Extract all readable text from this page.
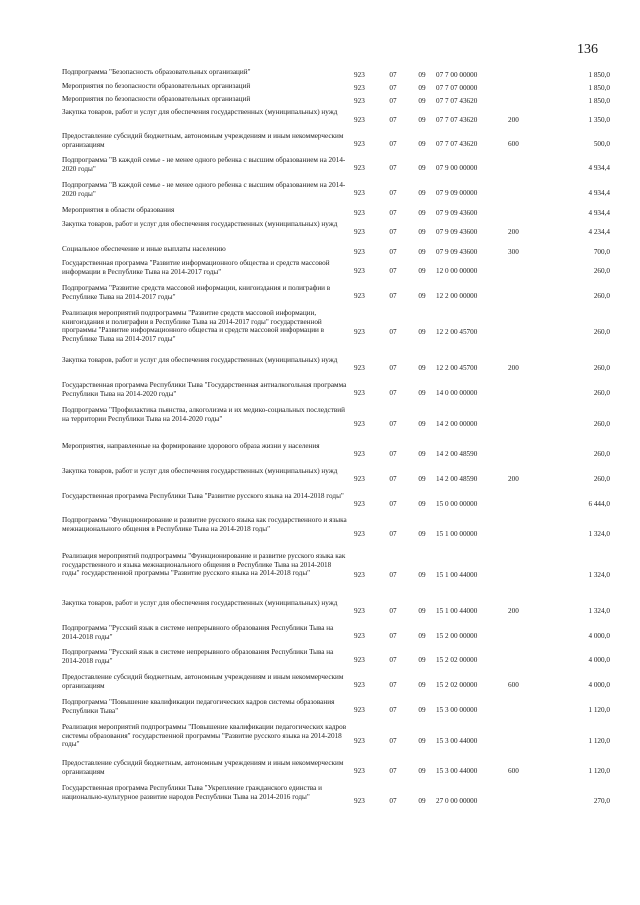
136
Подпрограмма "Безопасность образовательных организаций"	923	07	09	07 7 00 00000		1 850,0
Мероприятия по безопасности образовательных организаций	923	07	09	07 7 07 00000		1 850,0
Мероприятия по безопасности образовательных организаций	923	07	09	07 7 07 43620		1 850,0
Закупка товаров, работ и услуг для обеспечения государственных (муниципальных) нужд	923	07	09	07 7 07 43620	200	1 350,0
Предоставление субсидий бюджетным, автономным учреждениям и иным некоммерческим организациям	923	07	09	07 7 07 43620	600	500,0
Подпрограмма "В каждой семье - не менее одного ребенка с высшим образованием на 2014-2020 годы"	923	07	09	07 9 00 00000		4 934,4
Подпрограмма "В каждой семье - не менее одного ребенка с высшим образованием на 2014-2020 годы"	923	07	09	07 9 09 00000		4 934,4
Мероприятия в области образования	923	07	09	07 9 09 43600		4 934,4
Закупка товаров, работ и услуг для обеспечения государственных (муниципальных) нужд	923	07	09	07 9 09 43600	200	4 234,4
Социальное обеспечение и иные выплаты населению	923	07	09	07 9 09 43600	300	700,0
Государственная программа "Развитие информационного общества и средств массовой информации в Республике Тыва на 2014-2017 годы"	923	07	09	12 0 00 00000		260,0
Подпрограмма "Развитие средств массовой информации, книгоиздания и полиграфии в Республике Тыва на 2014-2017 годы"	923	07	09	12 2 00 00000		260,0
Реализация мероприятий подпрограммы "Развитие средств массовой информации, книгоиздания и полиграфии в Республике Тыва на 2014-2017 годы" государственной программы "Развитие информационного общества и средств массовой информации в Республике Тыва на 2014-2017 годы"	923	07	09	12 2 00 45700		260,0
Закупка товаров, работ и услуг для обеспечения государственных (муниципальных) нужд	923	07	09	12 2 00 45700	200	260,0
Государственная программа Республики Тыва "Государственная антиалкогольная программа Республики Тыва на 2014-2020 годы"	923	07	09	14 0 00 00000		260,0
Подпрограмма "Профилактика пьянства, алкоголизма и их медико-социальных последствий на территории Республики Тыва на 2014-2020 годы"	923	07	09	14 2 00 00000		260,0
Мероприятия, направленные на формирование здорового образа жизни у населения	923	07	09	14 2 00 48590		260,0
Закупка товаров, работ и услуг для обеспечения государственных (муниципальных) нужд	923	07	09	14 2 00 48590	200	260,0
Государственная программа Республики Тыва "Развитие русского языка на 2014-2018 годы"	923	07	09	15 0 00 00000		6 444,0
Подпрограмма "Функционирование и развитие русского языка как государственного и языка межнационального общения в Республике Тыва на 2014-2018 годы"	923	07	09	15 1 00 00000		1 324,0
Реализация мероприятий подпрограммы "Функционирование и развитие русского языка как государственного и языка межнационального общения в Республике Тыва на 2014-2018 годы" государственной программы "Развитие русского языка на 2014-2018 годы"	923	07	09	15 1 00 44000		1 324,0
Закупка товаров, работ и услуг для обеспечения государственных (муниципальных) нужд	923	07	09	15 1 00 44000	200	1 324,0
Подпрограмма "Русский язык в системе непрерывного образования Республики Тыва на 2014-2018 годы"	923	07	09	15 2 00 00000		4 000,0
Подпрограмма "Русский язык в системе непрерывного образования Республики Тыва на 2014-2018 годы"	923	07	09	15 2 02 00000		4 000,0
Предоставление субсидий бюджетным, автономным учреждениям и иным некоммерческим организациям	923	07	09	15 2 02 00000	600	4 000,0
Подпрограмма "Повышение квалификации педагогических кадров системы образования Республики Тыва"	923	07	09	15 3 00 00000		1 120,0
Реализация мероприятий подпрограммы "Повышение квалификации педагогических кадров системы образования" государственной программы "Развитие русского языка на 2014-2018 годы"	923	07	09	15 3 00 44000		1 120,0
Предоставление субсидий бюджетным, автономным учреждениям и иным некоммерческим организациям	923	07	09	15 3 00 44000	600	1 120,0
Государственная программа Республики Тыва "Укрепление гражданского единства и национально-культурное развитие народов Республики Тыва на 2014-2016 годы"	923	07	09	27 0 00 00000		270,0
